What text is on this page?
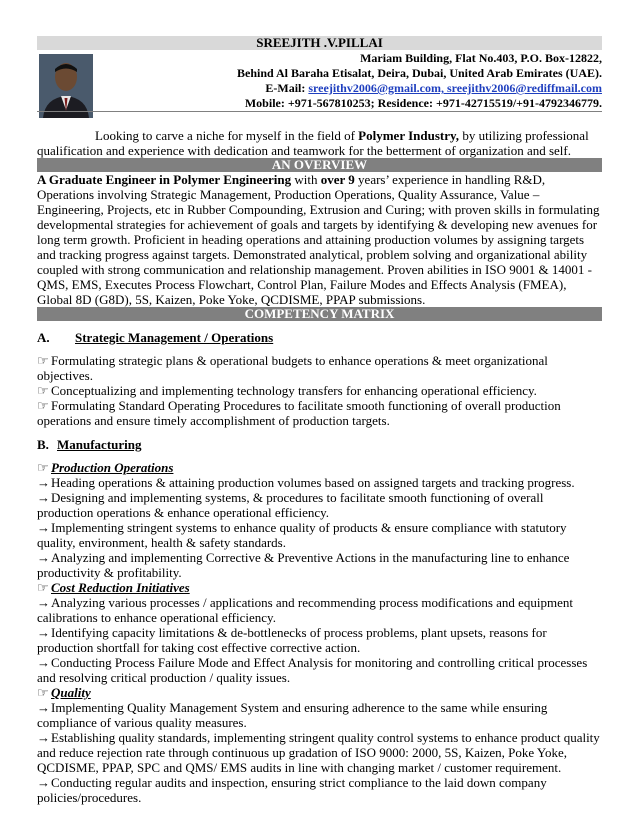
SREEJITH .V.PILLAI
Mariam Building, Flat No.403, P.O. Box-12822,
Behind Al Baraha Etisalat, Deira, Dubai, United Arab Emirates (UAE).
E-Mail: sreejithv2006@gmail.com, sreejithv2006@rediffmail.com
Mobile: +971-567810253; Residence: +971-42715519/+91-4792346779.
Looking to carve a niche for myself in the field of Polymer Industry, by utilizing professional qualification and experience with dedication and teamwork for the betterment of organization and self.
AN OVERVIEW
A Graduate Engineer in Polymer Engineering with over 9 years’ experience in handling R&D, Operations involving Strategic Management, Production Operations, Quality Assurance, Value – Engineering, Projects, etc in Rubber Compounding, Extrusion and Curing; with proven skills in formulating developmental strategies for achievement of goals and targets by identifying & developing new avenues for long term growth. Proficient in heading operations and attaining production volumes by assigning targets and tracking progress against targets. Demonstrated analytical, problem solving and organizational ability coupled with strong communication and relationship management. Proven abilities in ISO 9001 & 14001 - QMS, EMS, Executes Process Flowchart, Control Plan, Failure Modes and Effects Analysis (FMEA), Global 8D (G8D), 5S, Kaizen, Poke Yoke, QCDISME, PPAP submissions.
COMPETENCY MATRIX
A. Strategic Management / Operations
☞ Formulating strategic plans & operational budgets to enhance operations & meet organizational objectives.
☞ Conceptualizing and implementing technology transfers for enhancing operational efficiency.
☞ Formulating Standard Operating Procedures to facilitate smooth functioning of overall production operations and ensure timely accomplishment of production targets.
B. Manufacturing
☞ Production Operations
→Heading operations & attaining production volumes based on assigned targets and tracking progress.
→Designing and implementing systems, & procedures to facilitate smooth functioning of overall production operations & enhance operational efficiency.
→Implementing stringent systems to enhance quality of products & ensure compliance with statutory quality, environment, health & safety standards.
→Analyzing and implementing Corrective & Preventive Actions in the manufacturing line to enhance productivity & profitability.
☞ Cost Reduction Initiatives
→Analyzing various processes / applications and recommending process modifications and equipment calibrations to enhance operational efficiency.
→Identifying capacity limitations & de-bottlenecks of process problems, plant upsets, reasons for production shortfall for taking cost effective corrective action.
→Conducting Process Failure Mode and Effect Analysis for monitoring and controlling critical processes and resolving critical production / quality issues.
☞ Quality
→Implementing Quality Management System and ensuring adherence to the same while ensuring compliance of various quality measures.
→Establishing quality standards, implementing stringent quality control systems to enhance product quality and reduce rejection rate through continuous up gradation of ISO 9000: 2000, 5S, Kaizen, Poke Yoke, QCDISME, PPAP, SPC and QMS/ EMS audits in line with changing market / customer requirement.
→Conducting regular audits and inspection, ensuring strict compliance to the laid down company policies/procedures.
